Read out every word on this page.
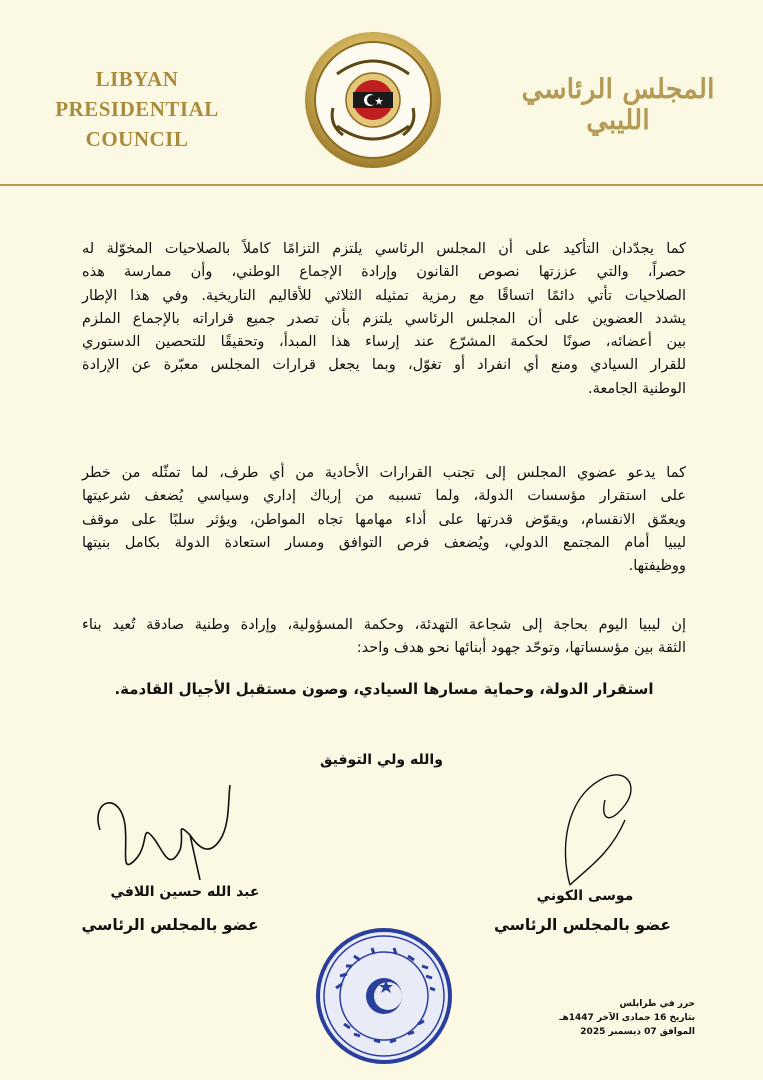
LIBYAN PRESIDENTIAL
COUNCIL
المجلس الرئاسي الليبي
كما يجدّدان التأكيد على أن المجلس الرئاسي يلتزم التزامًا كاملاً بالصلاحيات المخوّلة له
حصراً، والتي عززتها نصوص القانون وإرادة الإجماع الوطني، وأن ممارسة هذه
الصلاحيات تأتي دائمًا اتساقًا مع رمزية تمثيله الثلاثي للأقاليم التاريخية. وفي هذا الإطار
يشدد العضوين على أن المجلس الرئاسي يلتزم بأن تصدر جميع قراراته بالإجماع الملزم
بين أعضائه، صونًا لحكمة المشرّع عند إرساء هذا المبدأ، وتحقيقًا للتحصين الدستوري
للقرار السيادي ومنع أي انفراد أو تغوّل، وبما يجعل قرارات المجلس معبّرة عن الإرادة
الوطنية الجامعة.
كما يدعو عضوي المجلس إلى تجنب القرارات الأحادية من أي طرف، لما تمثّله من خطر
على استقرار مؤسسات الدولة، ولما تسببه من إرباك إداري وسياسي يُضعف شرعيتها
ويعمّق الانقسام، ويقوّض قدرتها على أداء مهامها تجاه المواطن، ويؤثر سلبًا على موقف
ليبيا أمام المجتمع الدولي، ويُضعف فرص التوافق ومسار استعادة الدولة بكامل بنيتها
ووظيفتها.
إن ليبيا اليوم بحاجة إلى شجاعة التهدئة، وحكمة المسؤولية، وإرادة وطنية صادقة تُعيد بناء
الثقة بين مؤسساتها، وتوحّد جهود أبنائها نحو هدف واحد:
استقرار الدولة، وحماية مسارها السيادي، وصون مستقبل الأجيال القادمة.
والله ولي التوفيق
عبد الله حسين اللافي
عضو بالمجلس الرئاسي
موسى الكوني
عضو بالمجلس الرئاسي
حرر في طرابلس
بتاريخ 16 جمادى الآخر 1447هـ
الموافق 07 ديسمبر 2025
